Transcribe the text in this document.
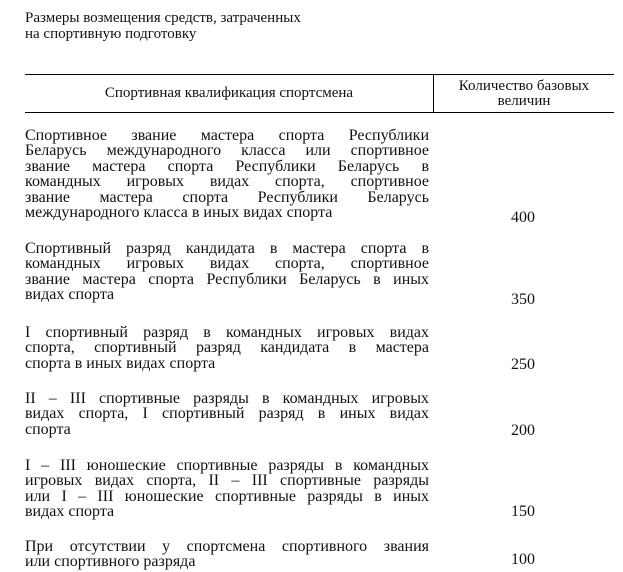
Размеры возмещения средств, затраченных
на спортивную подготовку
Спортивная квалификация спортсмена	Количество базовых
величин
Спортивное звание мастера спорта Республики
Беларусь международного класса или спортивное
звание мастера спорта Республики Беларусь в
командных игровых видах спорта, спортивное
звание мастера спорта Республики Беларусь
международного класса в иных видах спорта	400
Спортивный разряд кандидата в мастера спорта в
командных игровых видах спорта, спортивное
звание мастера спорта Республики Беларусь в иных
видах спорта	350
I спортивный разряд в командных игровых видах
спорта, спортивный разряд кандидата в мастера
спорта в иных видах спорта	250
II – III спортивные разряды в командных игровых
видах спорта, I спортивный разряд в иных видах
спорта	200
I – III юношеские спортивные разряды в командных
игровых видах спорта, II – III спортивные разряды
или I – III юношеские спортивные разряды в иных
видах спорта	150
При отсутствии у спортсмена спортивного звания
или спортивного разряда	100
